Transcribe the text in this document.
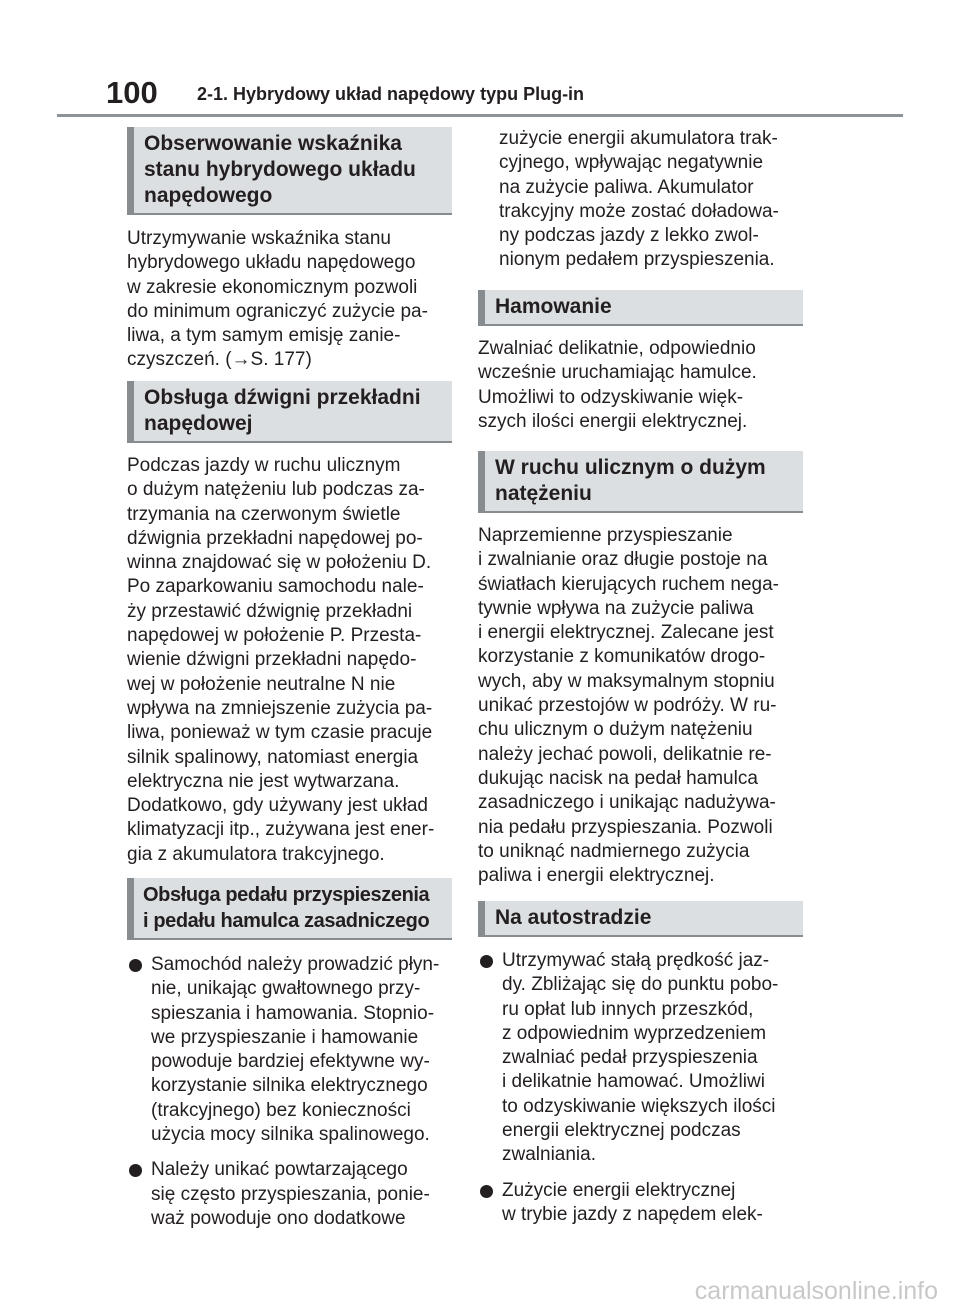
100 2-1. Hybrydowy układ napędowy typu Plug-in
Obserwowanie wskaźnika
stanu hybrydowego układu
napędowego

Utrzymywanie wskaźnika stanu
hybrydowego układu napędowego
w zakresie ekonomicznym pozwoli
do minimum ograniczyć zużycie pa-
liwa, a tym samym emisję zanie-
czyszczeń. (→S. 177)

Obsługa dźwigni przekładni
napędowej

Podczas jazdy w ruchu ulicznym
o dużym natężeniu lub podczas za-
trzymania na czerwonym świetle
dźwignia przekładni napędowej po-
winna znajdować się w położeniu D.
Po zaparkowaniu samochodu nale-
ży przestawić dźwignię przekładni
napędowej w położenie P. Przesta-
wienie dźwigni przekładni napędo-
wej w położenie neutralne N nie
wpływa na zmniejszenie zużycia pa-
liwa, ponieważ w tym czasie pracuje
silnik spalinowy, natomiast energia
elektryczna nie jest wytwarzana.
Dodatkowo, gdy używany jest układ
klimatyzacji itp., zużywana jest ener-
gia z akumulatora trakcyjnego.

Obsługa pedału przyspieszenia
i pedału hamulca zasadniczego
Samochód należy prowadzić płyn-
nie, unikając gwałtownego przy-
spieszania i hamowania. Stopnio-
we przyspieszanie i hamowanie
powoduje bardziej efektywne wy-
korzystanie silnika elektrycznego
(trakcyjnego) bez konieczności
użycia mocy silnika spalinowego.
Należy unikać powtarzającego
się często przyspieszania, ponie-
waż powoduje ono dodatkowe

zużycie energii akumulatora trak-
cyjnego, wpływając negatywnie
na zużycie paliwa. Akumulator
trakcyjny może zostać doładowa-
ny podczas jazdy z lekko zwol-
nionym pedałem przyspieszenia.

Hamowanie

Zwalniać delikatnie, odpowiednio
wcześnie uruchamiając hamulce.
Umożliwi to odzyskiwanie więk-
szych ilości energii elektrycznej.

W ruchu ulicznym o dużym
natężeniu

Naprzemienne przyspieszanie
i zwalnianie oraz długie postoje na
światłach kierujących ruchem nega-
tywnie wpływa na zużycie paliwa
i energii elektrycznej. Zalecane jest
korzystanie z komunikatów drogo-
wych, aby w maksymalnym stopniu
unikać przestojów w podróży. W ru-
chu ulicznym o dużym natężeniu
należy jechać powoli, delikatnie re-
dukując nacisk na pedał hamulca
zasadniczego i unikając nadużywa-
nia pedału przyspieszania. Pozwoli
to uniknąć nadmiernego zużycia
paliwa i energii elektrycznej.

Na autostradzie
Utrzymywać stałą prędkość jaz-
dy. Zbliżając się do punktu pobo-
ru opłat lub innych przeszkód,
z odpowiednim wyprzedzeniem
zwalniać pedał przyspieszenia
i delikatnie hamować. Umożliwi
to odzyskiwanie większych ilości
energii elektrycznej podczas
zwalniania.
Zużycie energii elektrycznej
w trybie jazdy z napędem elek-
carmanualsonline.info
